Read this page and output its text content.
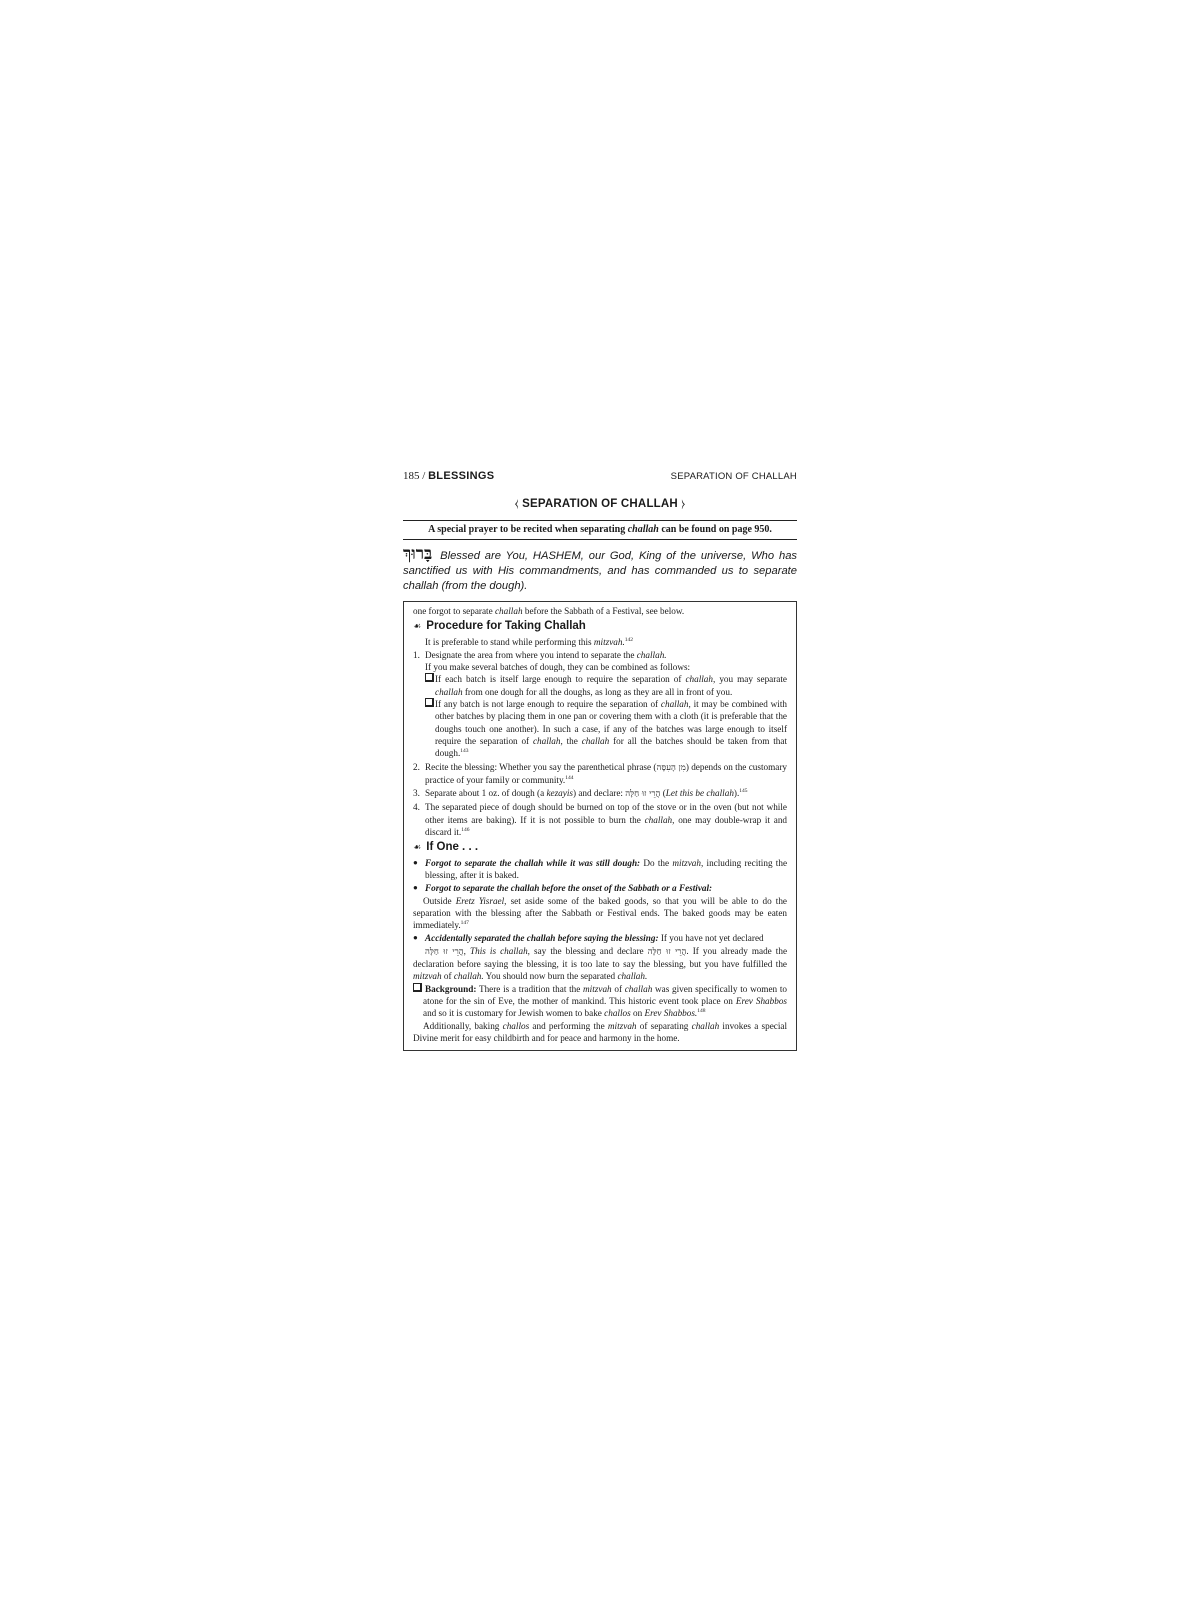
185 / BLESSINGS	SEPARATION OF CHALLAH
⧼ SEPARATION OF CHALLAH ⧽
A special prayer to be recited when separating challah can be found on page 950.
בָּרוּךְ Blessed are You, HASHEM, our God, King of the universe, Who has sanctified us with His commandments, and has commanded us to separate challah (from the dough).

one forgot to separate challah before the Sabbath of a Festival, see below.

☙ Procedure for Taking Challah

It is preferable to stand while performing this mitzvah.$^{142}$

1. Designate the area from where you intend to separate the challah.
If you make several batches of dough, they can be combined as follows:
If each batch is itself large enough to require the separation of challah, you may separate challah from one dough for all the doughs, as long as they are all in front of you.
If any batch is not large enough to require the separation of challah, it may be combined with other batches by placing them in one pan or covering them with a cloth (it is preferable that the doughs touch one another). In such a case, if any of the batches was large enough to itself require the separation of challah, the challah for all the batches should be taken from that dough.$^{143}$
2. Recite the blessing: Whether you say the parenthetical phrase (מִן הָעִסָּה) depends on the customary practice of your family or community.$^{144}$
3. Separate about 1 oz. of dough (a kezayis) and declare: הֲרֵי זוּ חַלָּה (Let this be challah).$^{145}$
4. The separated piece of dough should be burned on top of the stove or in the oven (but not while other items are baking). If it is not possible to burn the challah, one may double-wrap it and discard it.$^{146}$
☙ If One . . .
● Forgot to separate the challah while it was still dough: Do the mitzvah, including reciting the blessing, after it is baked.
● Forgot to separate the challah before the onset of the Sabbath or a Festival:

Outside Eretz Yisrael, set aside some of the baked goods, so that you will be able to do the separation with the blessing after the Sabbath or Festival ends. The baked goods may be eaten immediately.$^{147}$

● Accidentally separated the challah before saying the blessing: If you have not yet declared

הֲרֵי זוּ חַלָּה, This is challah, say the blessing and declare הֲרֵי זוּ חַלָּה. If you already made the declaration before saying the blessing, it is too late to say the blessing, but you have fulfilled the mitzvah of challah. You should now burn the separated challah.

Background: There is a tradition that the mitzvah of challah was given specifically to women to atone for the sin of Eve, the mother of mankind. This historic event took place on Erev Shabbos and so it is customary for Jewish women to bake challos on Erev Shabbos.$^{148}$

Additionally, baking challos and performing the mitzvah of separating challah invokes a special Divine merit for easy childbirth and for peace and harmony in the home.
